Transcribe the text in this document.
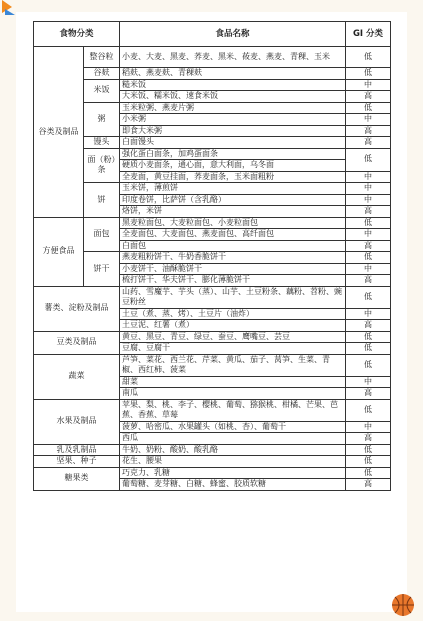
食物分类		食品名称	GI 分类
谷类及制品	整谷粒	小麦、大麦、黑麦、荞麦、黑米、莜麦、燕麦、青稞、玉米	低
	谷麸	稻麸、燕麦麸、青稞麸	低
	米饭	糙米饭	中
		大米饭、糯米饭、速食米饭	高
	粥	玉米粒粥、燕麦片粥	低
		小米粥	中
		即食大米粥	高
	馒头	白面馒头	高
	面（粉）条	强化蛋白面条，加鸡蛋面条	低
		硬质小麦面条，通心面，意大利面，乌冬面	
		全麦面，黄豆挂面，荞麦面条，玉米面粗粉	中
	饼	玉米饼，薄煎饼	中
		印度卷饼，比萨饼（含乳酪）	中
		烙饼，米饼	高
方便食品	面包	黑麦粒面包、大麦粒面包、小麦粒面包	低
		全麦面包、大麦面包、燕麦面包、高纤面包	中
		白面包	高
	饼干	燕麦粗粉饼干、牛奶香脆饼干	低
		小麦饼干、油酥脆饼干	中
		梳打饼干、华夫饼干、膨化薄脆饼干	高
薯类、淀粉及制品		山药、雪魔芋、芋头（蒸）、山芋、土豆粉条、藕粉、苕粉、豌豆粉丝	低
		土豆（煮、蒸、烤）、土豆片（油炸）	中
		土豆泥、红薯（煮）	高
豆类及制品		黄豆、黑豆、青豆、绿豆、蚕豆、鹰嘴豆、芸豆	低
		豆腐、豆腐干	低
蔬菜		芦笋、菜花、西兰花、芹菜、黄瓜、茄子、莴笋、生菜、青椒、西红柿、菠菜	低
		甜菜	中
		南瓜	高
水果及制品		苹果、梨、桃、李子、樱桃、葡萄、猕猴桃、柑橘、芒果、芭蕉、香蕉、草莓	低
		菠萝、哈密瓜、水果罐头（如桃、杏）、葡萄干	中
		西瓜	高
乳及乳制品		牛奶、奶粉、酸奶、酸乳酪	低
坚果、种子		花生、腰果	低
糖果类		巧克力、乳糖	低
		葡萄糖、麦芽糖、白糖、蜂蜜、胶质软糖	高
